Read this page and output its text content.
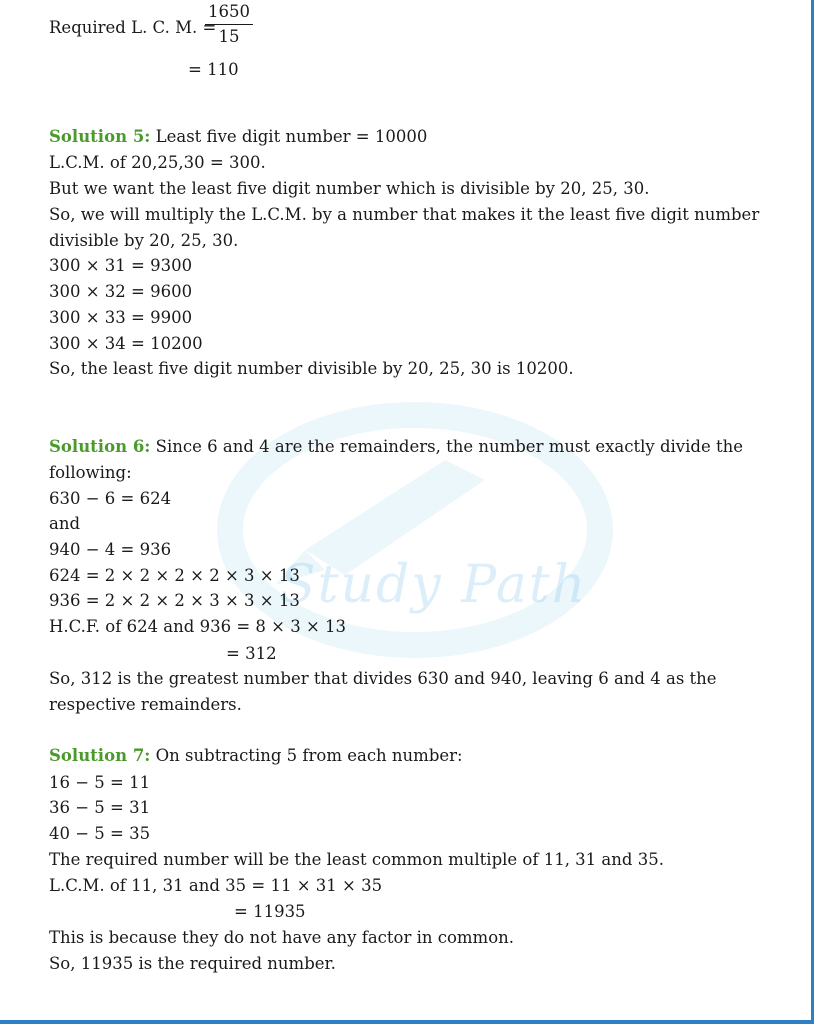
Study Path
Required L. C. M. =
1650
15
= 110
Solution 5: Least five digit number = 10000
L.C.M. of 20,25,30 = 300.
But we want the least five digit number which is divisible by 20, 25, 30.
So, we will multiply the L.C.M. by a number that makes it the least five digit number
divisible by 20, 25, 30.
300 × 31 = 9300
300 × 32 = 9600
300 × 33 = 9900
300 × 34 = 10200
So, the least five digit number divisible by 20, 25, 30 is 10200.
Solution 6: Since 6 and 4 are the remainders, the number must exactly divide the
following:
630 − 6 = 624
and
940 − 4 = 936
624 = 2 × 2 × 2 × 2 × 3 × 13
936 = 2 × 2 × 2 × 3 × 3 × 13
H.C.F. of 624 and 936 = 8 × 3 × 13
= 312
So, 312 is the greatest number that divides 630 and 940, leaving 6 and 4 as the
respective remainders.
Solution 7: On subtracting 5 from each number:
16 − 5 = 11
36 − 5 = 31
40 − 5 = 35
The required number will be the least common multiple of 11, 31 and 35.
L.C.M. of 11, 31 and 35 = 11 × 31 × 35
= 11935
This is because they do not have any factor in common.
So, 11935 is the required number.
